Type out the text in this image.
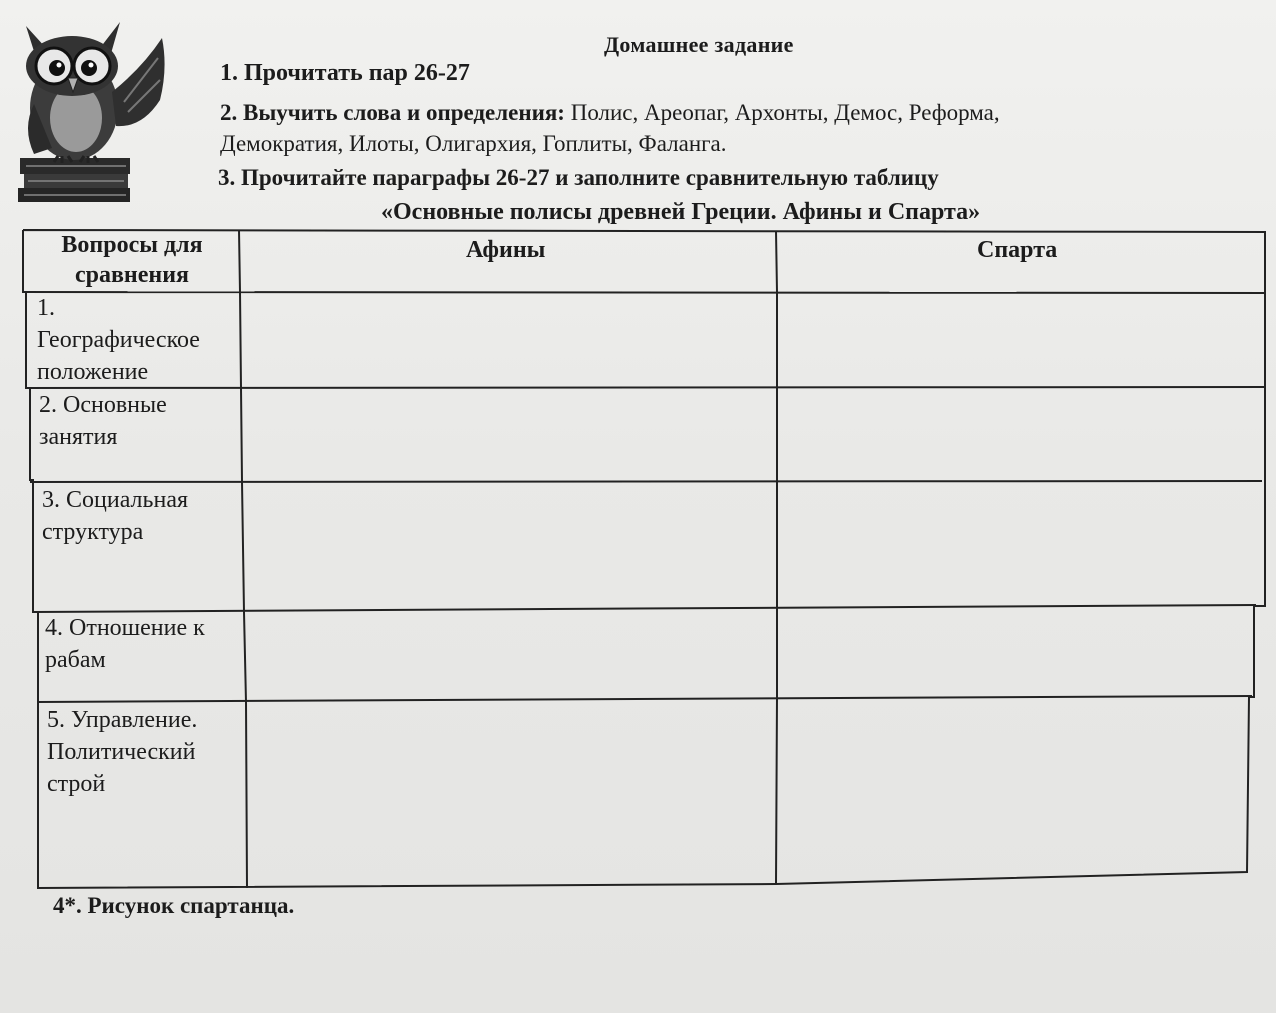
Домашнее задание
1. Прочитать пар 26-27
2. Выучить слова и определения: Полис, Ареопаг, Архонты, Демос, Реформа,
Демократия, Илоты, Олигархия, Гоплиты, Фаланга.
3. Прочитайте параграфы 26-27 и заполните сравнительную таблицу
«Основные полисы древней Греции. Афины и Спарта»
Вопросы для сравнения
Афины	Спарта
1.
Географическое
положение
2. Основные
занятия
3. Социальная
структура
4. Отношение к
рабам
5. Управление.
Политический
строй
4*. Рисунок спартанца.
